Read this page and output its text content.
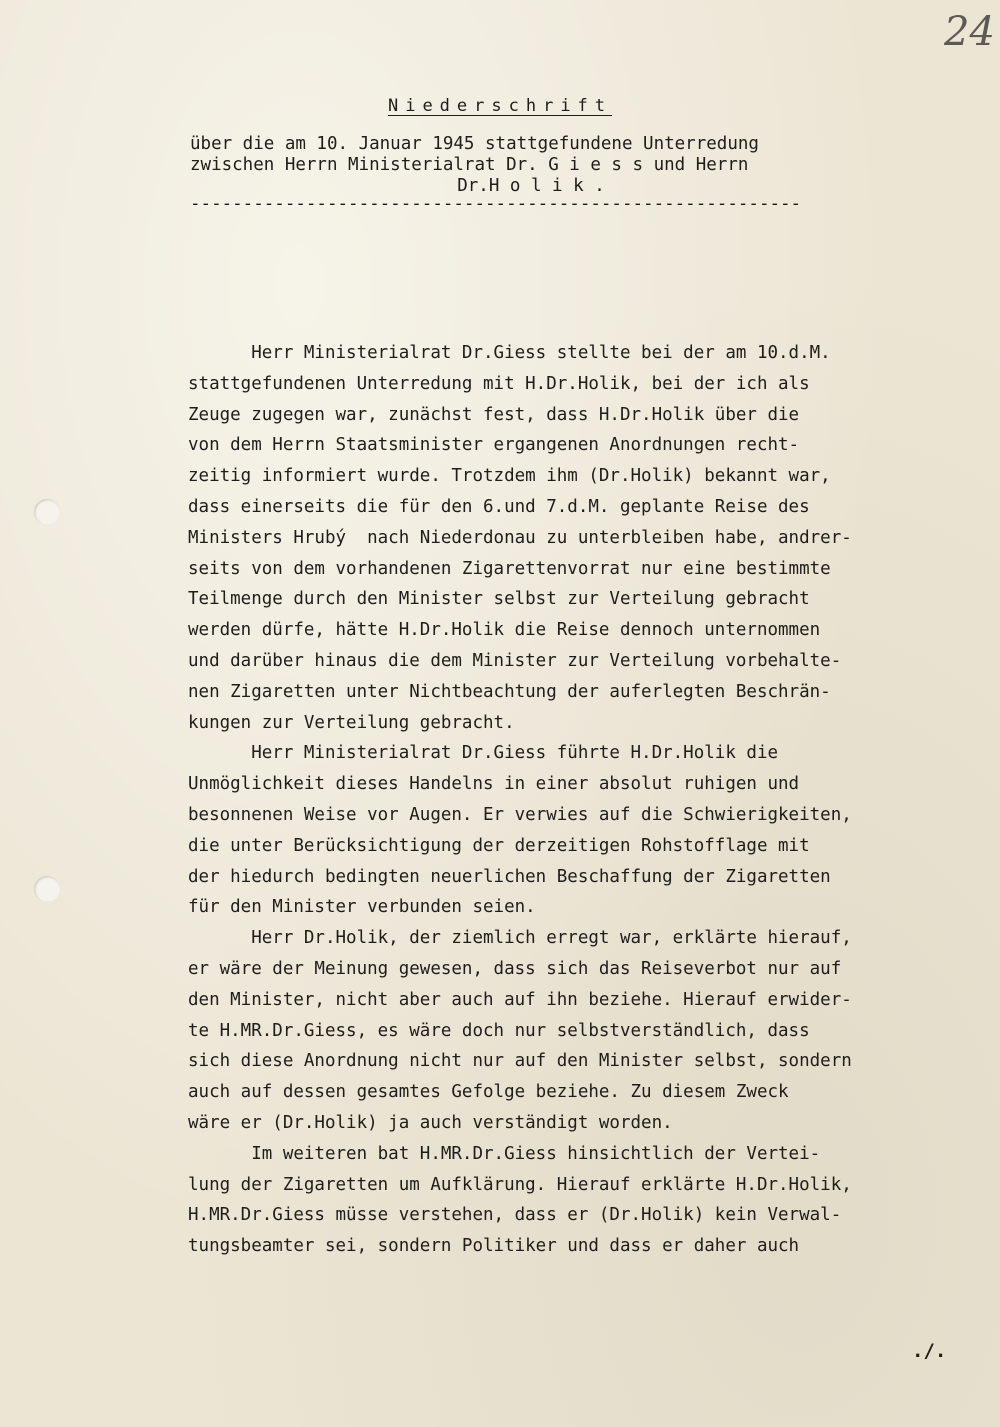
24
Niederschrift
über die am 10. Januar 1945 stattgefundene Unterredung
zwischen Herrn Ministerialrat Dr. G i e s s und Herrn
Dr.H o l i k .
----------------------------------------------------------
Herr Ministerialrat Dr.Giess stellte bei der am 10.d.M.
stattgefundenen Unterredung mit H.Dr.Holik, bei der ich als
Zeuge zugegen war, zunächst fest, dass H.Dr.Holik über die
von dem Herrn Staatsminister ergangenen Anordnungen recht-
zeitig informiert wurde. Trotzdem ihm (Dr.Holik) bekannt war,
dass einerseits die für den 6.und 7.d.M. geplante Reise des
Ministers Hrubý  nach Niederdonau zu unterbleiben habe, andrer-
seits von dem vorhandenen Zigarettenvorrat nur eine bestimmte
Teilmenge durch den Minister selbst zur Verteilung gebracht
werden dürfe, hätte H.Dr.Holik die Reise dennoch unternommen
und darüber hinaus die dem Minister zur Verteilung vorbehalte-
nen Zigaretten unter Nichtbeachtung der auferlegten Beschrän-
kungen zur Verteilung gebracht.
Herr Ministerialrat Dr.Giess führte H.Dr.Holik die
Unmöglichkeit dieses Handelns in einer absolut ruhigen und
besonnenen Weise vor Augen. Er verwies auf die Schwierigkeiten,
die unter Berücksichtigung der derzeitigen Rohstofflage mit
der hiedurch bedingten neuerlichen Beschaffung der Zigaretten
für den Minister verbunden seien.
Herr Dr.Holik, der ziemlich erregt war, erklärte hierauf,
er wäre der Meinung gewesen, dass sich das Reiseverbot nur auf
den Minister, nicht aber auch auf ihn beziehe. Hierauf erwider-
te H.MR.Dr.Giess, es wäre doch nur selbstverständlich, dass
sich diese Anordnung nicht nur auf den Minister selbst, sondern
auch auf dessen gesamtes Gefolge beziehe. Zu diesem Zweck
wäre er (Dr.Holik) ja auch verständigt worden.
Im weiteren bat H.MR.Dr.Giess hinsichtlich der Vertei-
lung der Zigaretten um Aufklärung. Hierauf erklärte H.Dr.Holik,
H.MR.Dr.Giess müsse verstehen, dass er (Dr.Holik) kein Verwal-
tungsbeamter sei, sondern Politiker und dass er daher auch
./.
